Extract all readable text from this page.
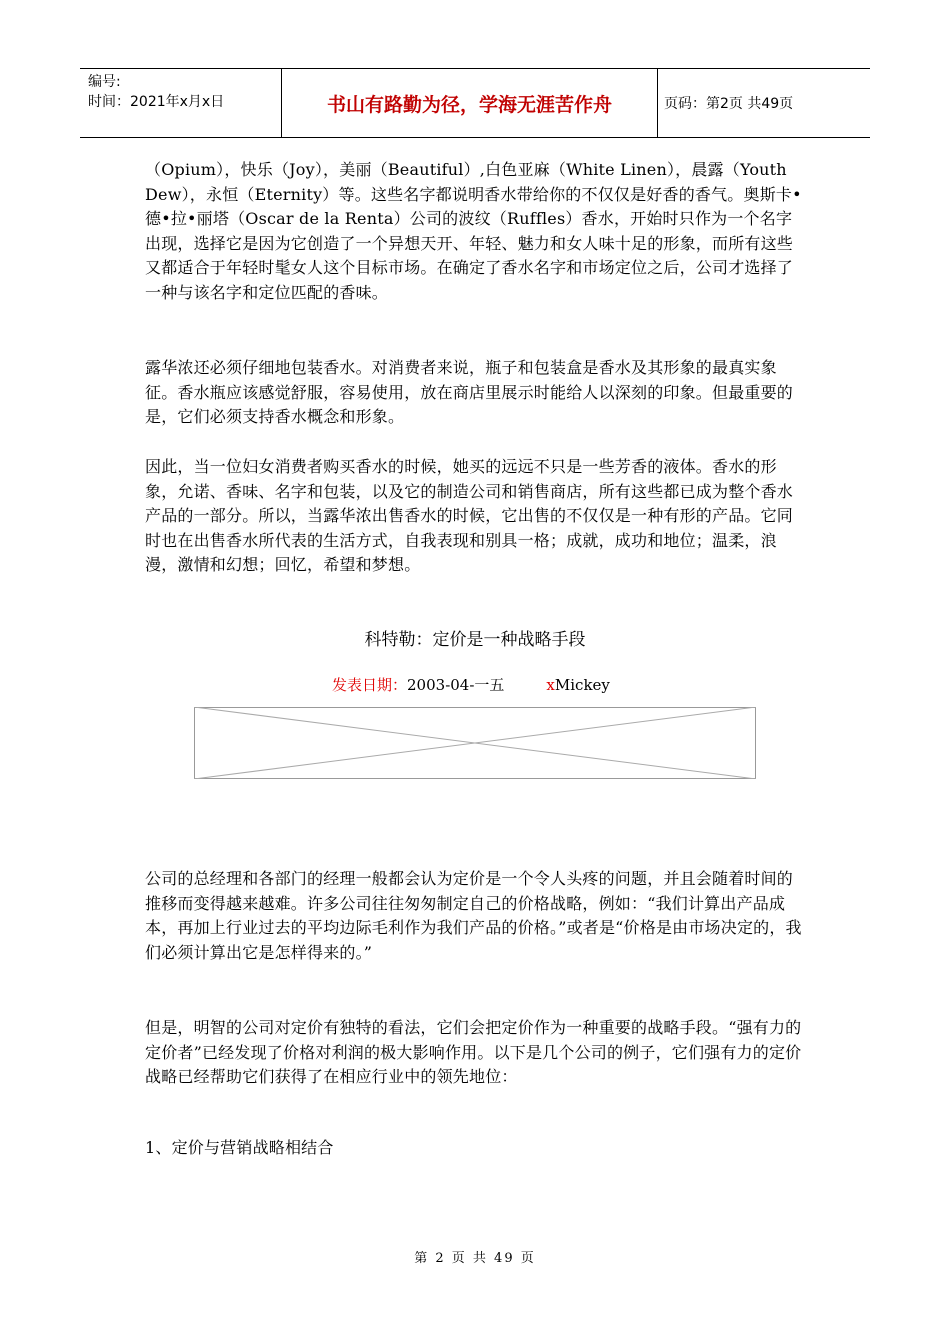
编号:
时间：2021年x月x日	书山有路勤为径，学海无涯苦作舟	页码：第2页 共49页
（Opium），快乐（Joy），美丽（Beautiful）,白色亚麻（White Linen），晨露（Youth Dew），永恒（Eternity）等。这些名字都说明香水带给你的不仅仅是好香的香气。奥斯卡•德•拉•丽塔（Oscar de la Renta）公司的波纹（Ruffles）香水，开始时只作为一个名字出现，选择它是因为它创造了一个异想天开、年轻、魅力和女人味十足的形象，而所有这些又都适合于年轻时髦女人这个目标市场。在确定了香水名字和市场定位之后，公司才选择了一种与该名字和定位匹配的香味。
露华浓还必须仔细地包装香水。对消费者来说，瓶子和包装盒是香水及其形象的最真实象征。香水瓶应该感觉舒服，容易使用，放在商店里展示时能给人以深刻的印象。但最重要的是，它们必须支持香水概念和形象。
因此，当一位妇女消费者购买香水的时候，她买的远远不只是一些芳香的液体。香水的形象，允诺、香味、名字和包装，以及它的制造公司和销售商店，所有这些都已成为整个香水产品的一部分。所以，当露华浓出售香水的时候，它出售的不仅仅是一种有形的产品。它同时也在出售香水所代表的生活方式，自我表现和别具一格；成就，成功和地位；温柔，浪漫，激情和幻想；回忆，希望和梦想。
科特勒：定价是一种战略手段
发表日期：2003-04-一五	xMickey
公司的总经理和各部门的经理一般都会认为定价是一个令人头疼的问题，并且会随着时间的推移而变得越来越难。许多公司往往匆匆制定自己的价格战略，例如：“我们计算出产品成本，再加上行业过去的平均边际毛利作为我们产品的价格。”或者是“价格是由市场决定的，我们必须计算出它是怎样得来的。”
但是，明智的公司对定价有独特的看法，它们会把定价作为一种重要的战略手段。“强有力的定价者”已经发现了价格对利润的极大影响作用。以下是几个公司的例子，它们强有力的定价战略已经帮助它们获得了在相应行业中的领先地位：
1、定价与营销战略相结合
第 2 页 共 49 页
